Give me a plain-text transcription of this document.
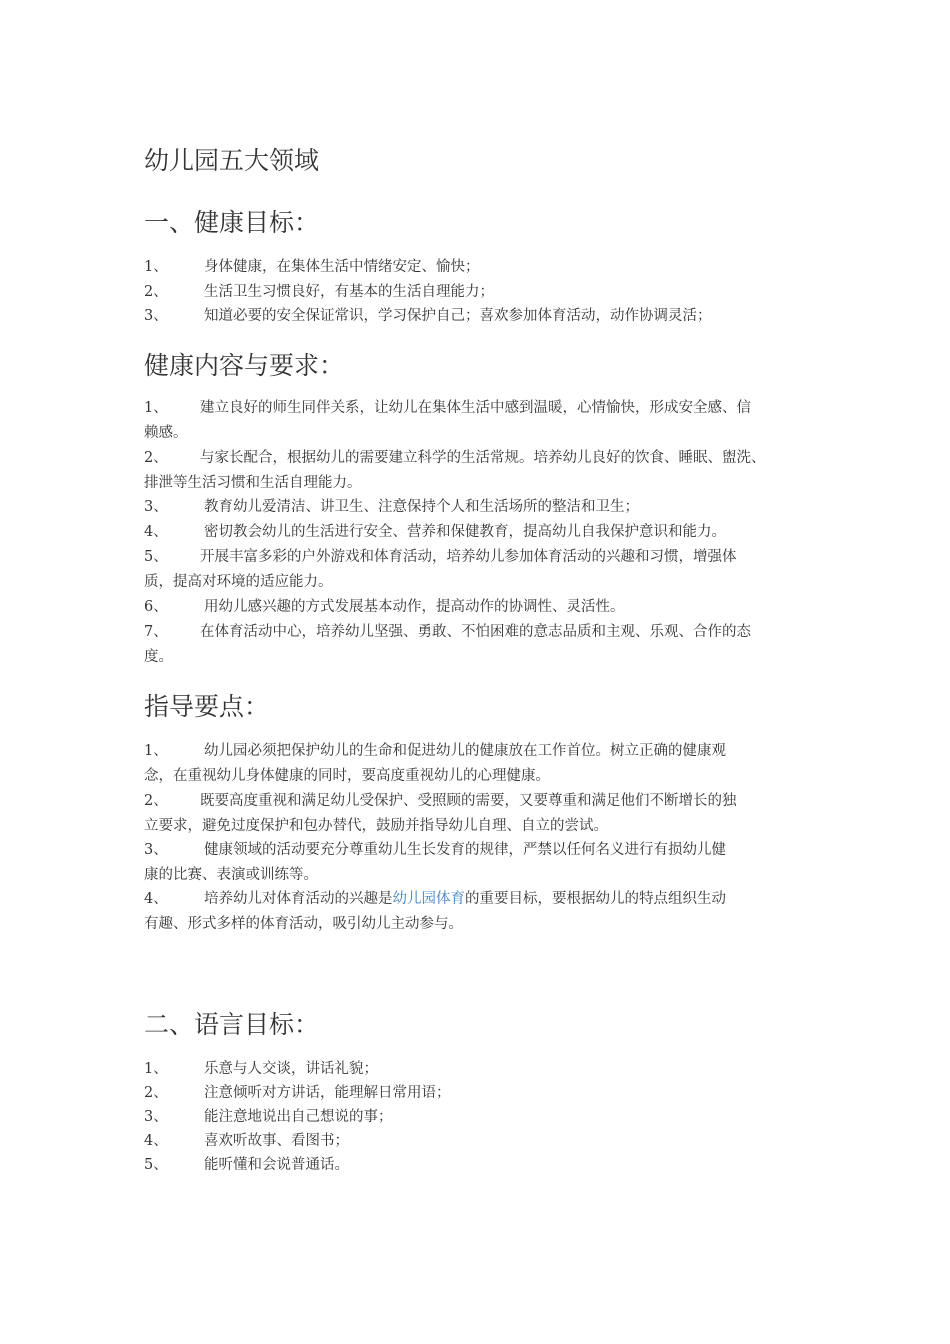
幼儿园五大领域
一、健康目标：
1、	身体健康，在集体生活中情绪安定、愉快；
2、	生活卫生习惯良好，有基本的生活自理能力；
3、	知道必要的安全保证常识，学习保护自己；喜欢参加体育活动，动作协调灵活；
健康内容与要求：

1、 建立良好的师生同伴关系，让幼儿在集体生活中感到温暖，心情愉快，形成安全感、信

赖感。

2、 与家长配合，根据幼儿的需要建立科学的生活常规。培养幼儿良好的饮食、睡眠、盥洗、

排泄等生活习惯和生活自理能力。

3、	教育幼儿爱清洁、讲卫生、注意保持个人和生活场所的整洁和卫生；
4、	密切教会幼儿的生活进行安全、营养和保健教育，提高幼儿自我保护意识和能力。

5、 开展丰富多彩的户外游戏和体育活动，培养幼儿参加体育活动的兴趣和习惯，增强体

质，提高对环境的适应能力。

6、	用幼儿感兴趣的方式发展基本动作，提高动作的协调性、灵活性。

7、 在体育活动中心，培养幼儿坚强、勇敢、不怕困难的意志品质和主观、乐观、合作的态

度。

指导要点：

1、	幼儿园必须把保护幼儿的生命和促进幼儿的健康放在工作首位。树立正确的健康观

念，在重视幼儿身体健康的同时，要高度重视幼儿的心理健康。

2、 既要高度重视和满足幼儿受保护、受照顾的需要，又要尊重和满足他们不断增长的独

立要求，避免过度保护和包办替代，鼓励并指导幼儿自理、自立的尝试。

3、	健康领域的活动要充分尊重幼儿生长发育的规律，严禁以任何名义进行有损幼儿健

康的比赛、表演或训练等。

4、	培养幼儿对体育活动的兴趣是幼儿园体育的重要目标，要根据幼儿的特点组织生动

有趣、形式多样的体育活动，吸引幼儿主动参与。

二、语言目标：
1、	乐意与人交谈，讲话礼貌；
2、	注意倾听对方讲话，能理解日常用语；
3、	能注意地说出自己想说的事；
4、	喜欢听故事、看图书；
5、	能听懂和会说普通话。
